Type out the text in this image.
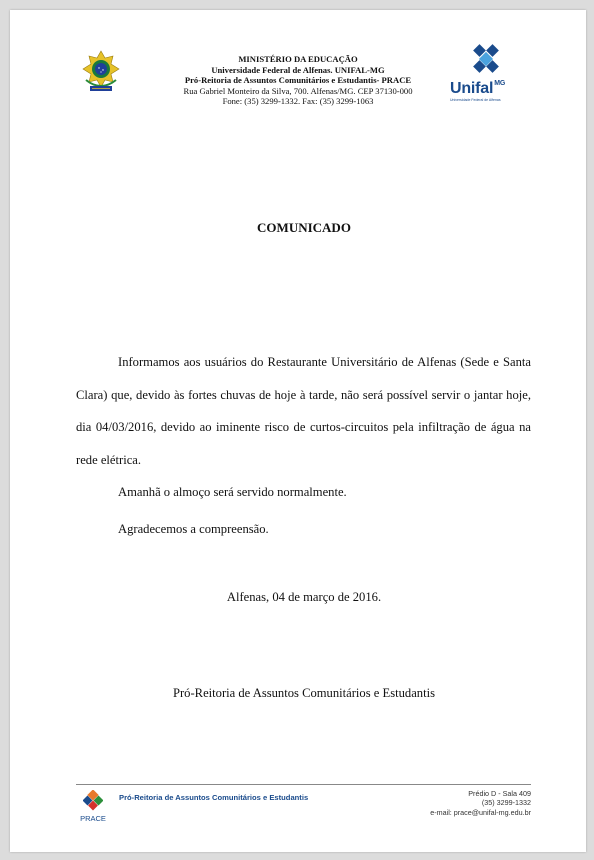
MINISTÉRIO DA EDUCAÇÃO
Universidade Federal de Alfenas. UNIFAL-MG
Pró-Reitoria de Assuntos Comunitários e Estudantis- PRACE
Rua Gabriel Monteiro da Silva, 700. Alfenas/MG. CEP 37130-000
Fone: (35) 3299-1332. Fax: (35) 3299-1063
Unifal$^{MG}$
Universidade Federal de Alfenas
COMUNICADO

Informamos aos usuários do Restaurante Universitário de Alfenas (Sede e Santa Clara) que, devido às fortes chuvas de hoje à tarde, não será possível servir o jantar hoje, dia 04/03/2016, devido ao iminente risco de curtos-circuitos pela infiltração de água na rede elétrica.

Amanhã o almoço será servido normalmente.

Agradecemos a compreensão.

Alfenas, 04 de março de 2016.
Pró-Reitoria de Assuntos Comunitários e Estudantis
PRACE
Pró-Reitoria de Assuntos Comunitários e Estudantis	Prédio D - Sala 409
(35) 3299-1332
e-mail: prace@unifal-mg.edu.br
